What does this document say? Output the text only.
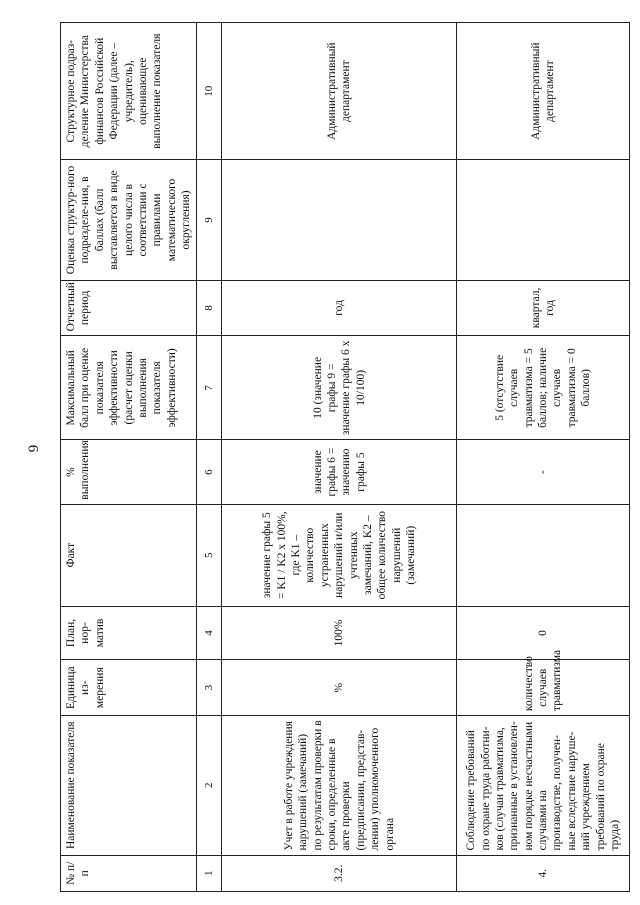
6
№ п/п	Наименование показателя	Единица из-мерения	План, нор-матив	Факт	% выполнения	Максимальный балл при оценке показателя эффективности (расчет оценки выполнения показателя эффективности)	Отчетный период	Оценка структур-ного подразделе-ния, в баллах (балл выставляется в виде целого числа в соответствии с правилами математического округления)	Структурное подраз-деление Министерства финансов Российской Федерации (далее – учредитель), оценивающее выполнение показателя
1	2	3	4	5	6	7	8	9	10
3.2.	Учет в работе учреждения нарушений (замечаний) по результатам проверки в сроки, определенные в акте проверки (предписании, представ-лении) уполномоченного органа	%	100%	значение графы 5 = K1 / K2 x 100%, где K1 – количество устраненных нарушений и/или учтенных замечаний, K2 – общее количество нарушений (замечаний)	значение графы 6 = значению графы 5	10 (значение графы 9 = значение графы 6 x 10/100)	год		Административный департамент
4.	Соблюдение требований по охране труда работни-ков (случаи травматизма, признанные в установлен-ном порядке несчастными случаями на производстве, получен-ные вследствие наруше-ний учреждением требований по охране труда)	количество случаев травматизма	0		-	5 (отсутствие случаев травматизма = 5 баллов; наличие случаев травматизма = 0 баллов)	квартал, год		Административный департамент
